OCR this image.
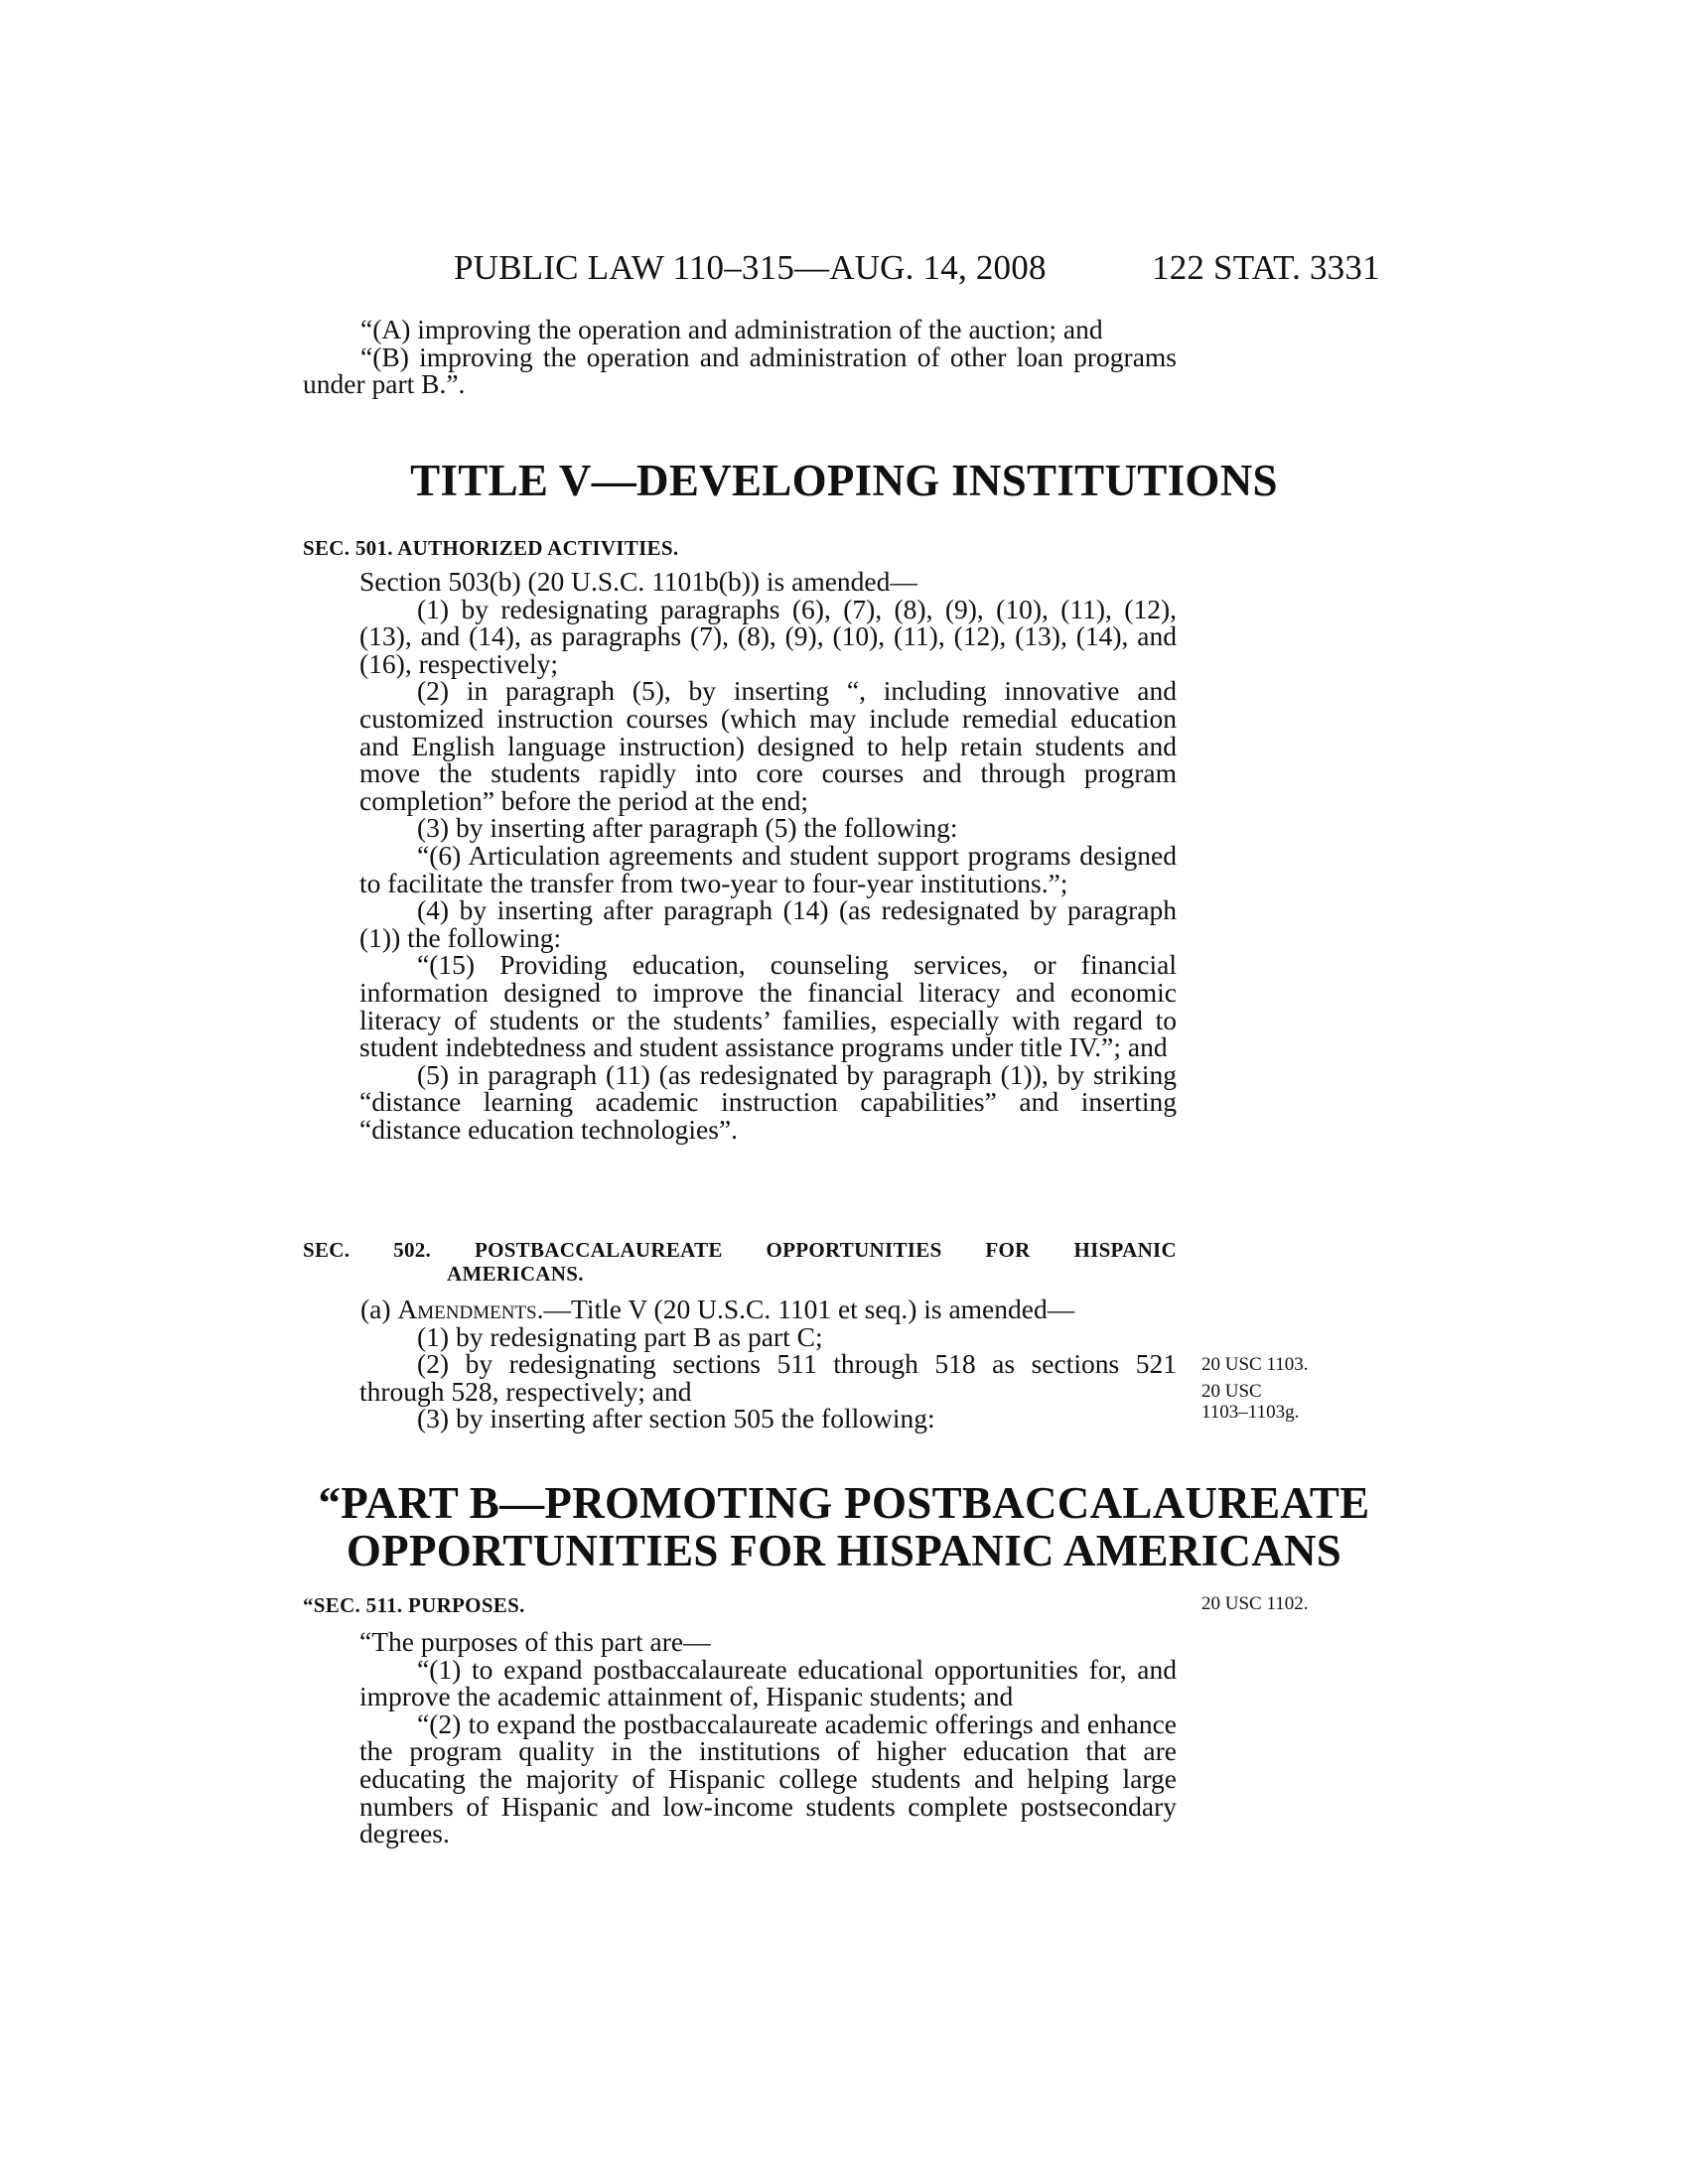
PUBLIC LAW 110–315—AUG. 14, 2008	122 STAT. 3331

“(A) improving the operation and administration of the auction; and

“(B) improving the operation and administration of other loan programs under part B.”.

TITLE V—DEVELOPING INSTITUTIONS
SEC. 501. AUTHORIZED ACTIVITIES.

Section 503(b) (20 U.S.C. 1101b(b)) is amended—

(1) by redesignating paragraphs (6), (7), (8), (9), (10), (11), (12), (13), and (14), as paragraphs (7), (8), (9), (10), (11), (12), (13), (14), and (16), respectively;

(2) in paragraph (5), by inserting “, including innovative and customized instruction courses (which may include remedial education and English language instruction) designed to help retain students and move the students rapidly into core courses and through program completion” before the period at the end;

(3) by inserting after paragraph (5) the following:

“(6) Articulation agreements and student support programs designed to facilitate the transfer from two-year to four-year institutions.”;

(4) by inserting after paragraph (14) (as redesignated by paragraph (1)) the following:

“(15) Providing education, counseling services, or financial information designed to improve the financial literacy and economic literacy of students or the students’ families, especially with regard to student indebtedness and student assistance programs under title IV.”; and

(5) in paragraph (11) (as redesignated by paragraph (1)), by striking “distance learning academic instruction capabilities” and inserting “distance education technologies”.

SEC. 502. POSTBACCALAUREATE OPPORTUNITIES FOR HISPANIC
AMERICANS.

(a) Amendments.—Title V (20 U.S.C. 1101 et seq.) is amended—

(1) by redesignating part B as part C;

(2) by redesignating sections 511 through 518 as sections 521 through 528, respectively; and

(3) by inserting after section 505 the following:

20 USC 1103.
20 USC
1103–1103g.
“PART B—PROMOTING POSTBACCALAUREATE
OPPORTUNITIES FOR HISPANIC AMERICANS
“SEC. 511. PURPOSES.	20 USC 1102.

“The purposes of this part are—

“(1) to expand postbaccalaureate educational opportunities for, and improve the academic attainment of, Hispanic students; and

“(2) to expand the postbaccalaureate academic offerings and enhance the program quality in the institutions of higher education that are educating the majority of Hispanic college students and helping large numbers of Hispanic and low-income students complete postsecondary degrees.
